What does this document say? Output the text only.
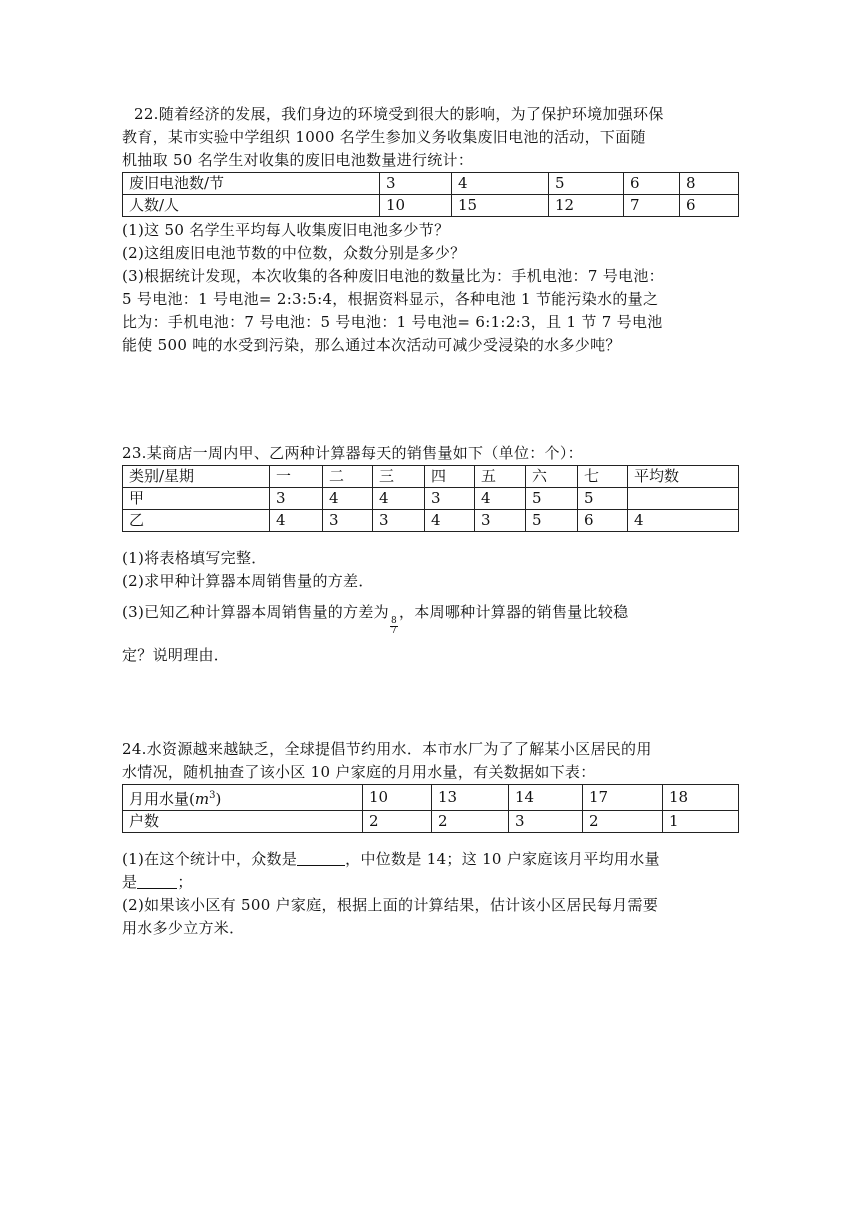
22.随着经济的发展，我们身边的环境受到很大的影响，为了保护环境加强环保

教育，某市实验中学组织 1000 名学生参加义务收集废旧电池的活动，下面随

机抽取 50 名学生对收集的废旧电池数量进行统计：

废旧电池数/节	3	4	5	6	8
人数/人	10	15	12	7	6

(1)这 50 名学生平均每人收集废旧电池多少节？

(2)这组废旧电池节数的中位数，众数分别是多少？

(3)根据统计发现，本次收集的各种废旧电池的数量比为：手机电池：7 号电池：

5 号电池：1 号电池= 2:3:5:4，根据资料显示，各种电池 1 节能污染水的量之

比为：手机电池：7 号电池：5 号电池：1 号电池= 6:1:2:3，且 1 节 7 号电池

能使 500 吨的水受到污染，那么通过本次活动可减少受浸染的水多少吨？

23.某商店一周内甲、乙两种计算器每天的销售量如下（单位：个）：

类别/星期	一	二	三	四	五	六	七	平均数
甲	3	4	4	3	4	5	5	
乙	4	3	3	4	3	5	6	4

(1)将表格填写完整．

(2)求甲种计算器本周销售量的方差．

(3)已知乙种计算器本周销售量的方差为
$\frac{8}{7}$
，本周哪种计算器的销售量比较稳

定？说明理由．

24.水资源越来越缺乏，全球提倡节约用水．本市水厂为了了解某小区居民的用

水情况，随机抽查了该小区 10 户家庭的月用水量，有关数据如下表：

月用水量$(m^3)$	10	13	14	17	18
户数	2	2	3	2	1

(1)在这个统计中，众数是	，中位数是 14；这 10 户家庭该月平均用水量

是	；

(2)如果该小区有 500 户家庭，根据上面的计算结果，估计该小区居民每月需要

用水多少立方米．
